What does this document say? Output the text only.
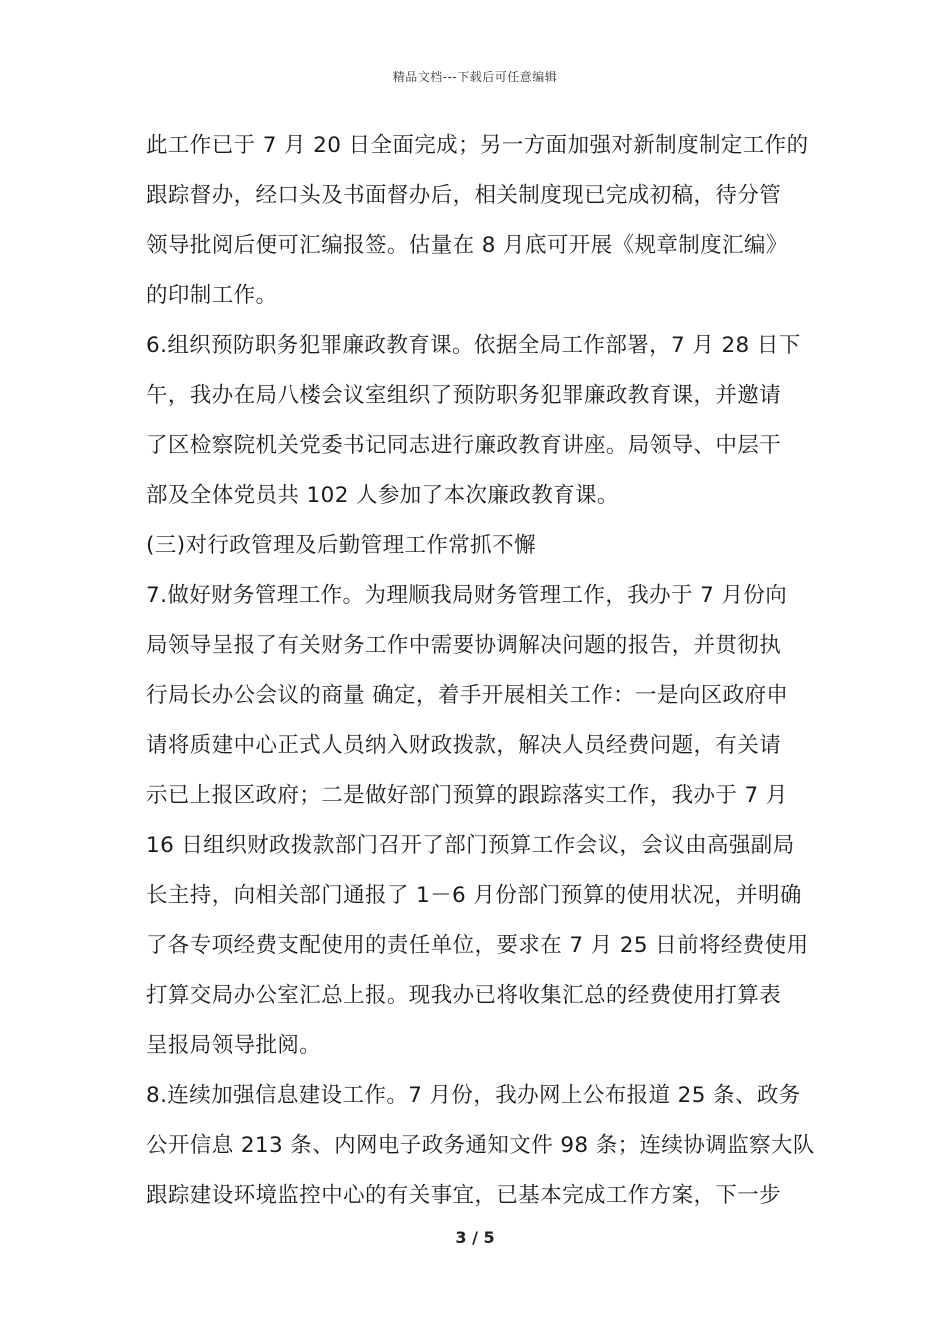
精品文档---下载后可任意编辑
此工作已于 7 月 20 日全面完成；另一方面加强对新制度制定工作的
跟踪督办，经口头及书面督办后，相关制度现已完成初稿，待分管
领导批阅后便可汇编报签。估量在 8 月底可开展《规章制度汇编》
的印制工作。
6.组织预防职务犯罪廉政教育课。依据全局工作部署，7 月 28 日下
午，我办在局八楼会议室组织了预防职务犯罪廉政教育课，并邀请
了区检察院机关党委书记同志进行廉政教育讲座。局领导、中层干
部及全体党员共 102 人参加了本次廉政教育课。
(三)对行政管理及后勤管理工作常抓不懈
7.做好财务管理工作。为理顺我局财务管理工作，我办于 7 月份向
局领导呈报了有关财务工作中需要协调解决问题的报告，并贯彻执
行局长办公会议的商量 确定，着手开展相关工作：一是向区政府申
请将质建中心正式人员纳入财政拨款，解决人员经费问题，有关请
示已上报区政府；二是做好部门预算的跟踪落实工作，我办于 7 月
16 日组织财政拨款部门召开了部门预算工作会议，会议由高强副局
长主持，向相关部门通报了 1－6 月份部门预算的使用状况，并明确
了各专项经费支配使用的责任单位，要求在 7 月 25 日前将经费使用
打算交局办公室汇总上报。现我办已将收集汇总的经费使用打算表
呈报局领导批阅。
8.连续加强信息建设工作。7 月份，我办网上公布报道 25 条、政务
公开信息 213 条、内网电子政务通知文件 98 条；连续协调监察大队
跟踪建设环境监控中心的有关事宜，已基本完成工作方案，下一步
3 / 5
